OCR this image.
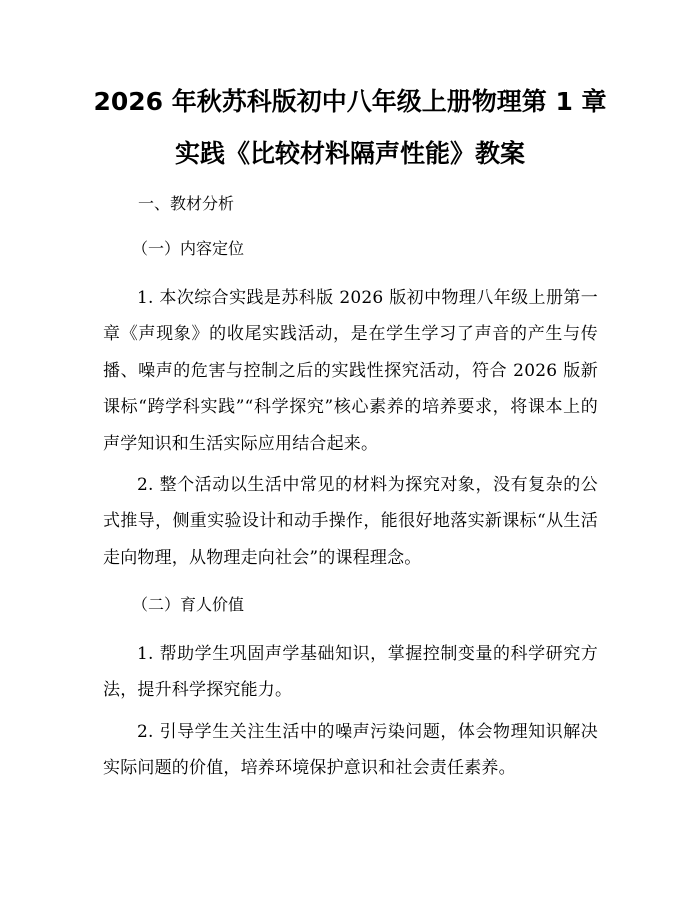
2026 年秋苏科版初中八年级上册物理第 1 章
实践《比较材料隔声性能》教案
一、教材分析
（一）内容定位

1. 本次综合实践是苏科版 2026 版初中物理八年级上册第一章《声现象》的收尾实践活动，是在学生学习了声音的产生与传播、噪声的危害与控制之后的实践性探究活动，符合 2026 版新课标“跨学科实践”“科学探究”核心素养的培养要求，将课本上的声学知识和生活实际应用结合起来。

2. 整个活动以生活中常见的材料为探究对象，没有复杂的公式推导，侧重实验设计和动手操作，能很好地落实新课标“从生活走向物理，从物理走向社会”的课程理念。

（二）育人价值

1. 帮助学生巩固声学基础知识，掌握控制变量的科学研究方法，提升科学探究能力。

2. 引导学生关注生活中的噪声污染问题，体会物理知识解决实际问题的价值，培养环境保护意识和社会责任素养。
